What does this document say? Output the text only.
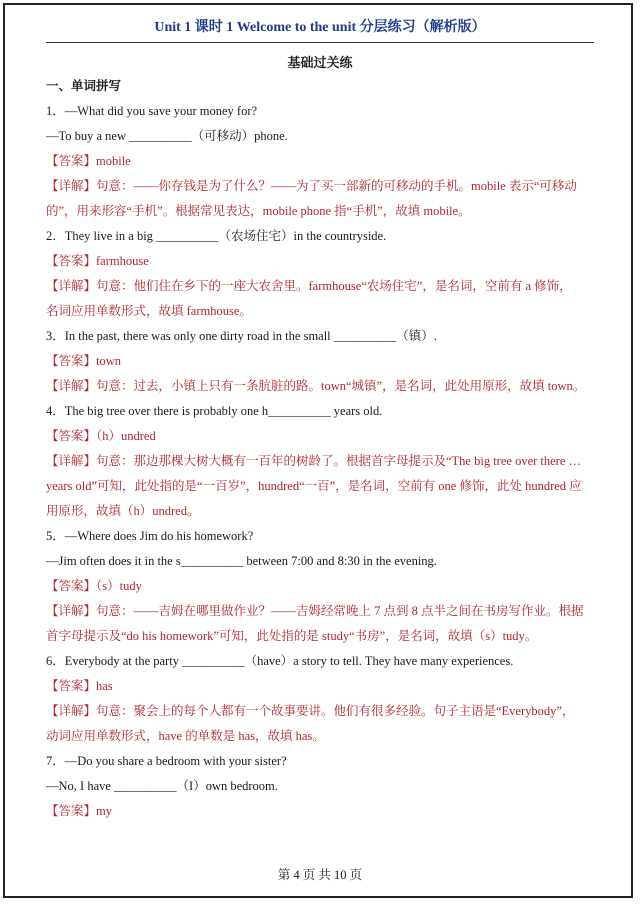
Unit 1 课时 1 Welcome to the unit 分层练习（解析版）
基础过关练
一、单词拼写
1．—What did you save your money for?
—To buy a new __________（可移动）phone.
【答案】mobile
【详解】句意：——你存钱是为了什么？——为了买一部新的可移动的手机。mobile 表示“可移动
的”，用来形容“手机”。根据常见表达，mobile phone 指“手机”，故填 mobile。
2．They live in a big __________（农场住宅）in the countryside.
【答案】farmhouse
【详解】句意：他们住在乡下的一座大农舍里。farmhouse“农场住宅”，是名词，空前有 a 修饰，
名词应用单数形式，故填 farmhouse。
3．In the past, there was only one dirty road in the small __________（镇）.
【答案】town
【详解】句意：过去，小镇上只有一条肮脏的路。town“城镇”，是名词，此处用原形，故填 town。
4．The big tree over there is probably one h__________ years old.
【答案】（h）undred
【详解】句意：那边那棵大树大概有一百年的树龄了。根据首字母提示及“The big tree over there …
years old”可知，此处指的是“一百岁”，hundred“一百”，是名词，空前有 one 修饰，此处 hundred 应
用原形，故填（h）undred。
5．—Where does Jim do his homework?
—Jim often does it in the s__________ between 7:00 and 8:30 in the evening.
【答案】（s）tudy
【详解】句意：——吉姆在哪里做作业？——吉姆经常晚上 7 点到 8 点半之间在书房写作业。根据
首字母提示及“do his homework”可知，此处指的是 study“书房”，是名词，故填（s）tudy。
6．Everybody at the party __________（have）a story to tell. They have many experiences.
【答案】has
【详解】句意：聚会上的每个人都有一个故事要讲。他们有很多经验。句子主语是“Everybody”，
动词应用单数形式，have 的单数是 has，故填 has。
7．—Do you share a bedroom with your sister?
—No, I have __________（I）own bedroom.
【答案】my
第 4 页 共 10 页
